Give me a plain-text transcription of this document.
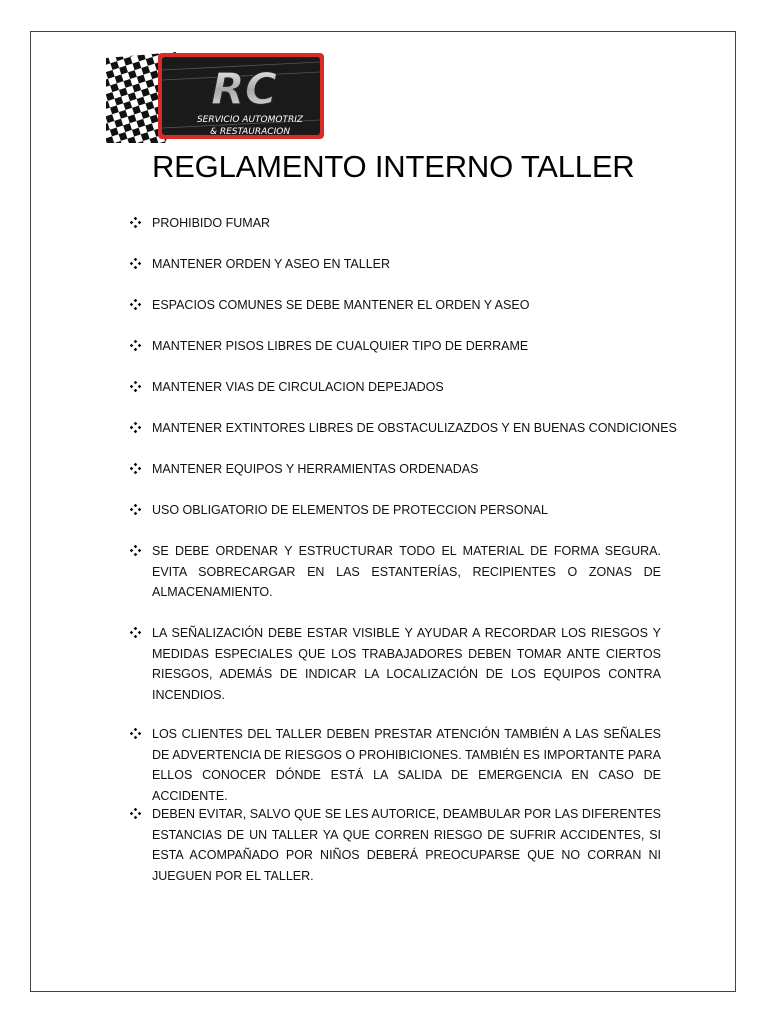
RC
SERVICIO AUTOMOTRIZ
& RESTAURACION
REGLAMENTO INTERNO TALLER
PROHIBIDO FUMAR
MANTENER ORDEN Y ASEO EN TALLER
ESPACIOS COMUNES SE DEBE MANTENER EL ORDEN Y ASEO
MANTENER PISOS LIBRES DE CUALQUIER TIPO DE DERRAME
MANTENER VIAS DE CIRCULACION DEPEJADOS
MANTENER EXTINTORES LIBRES DE OBSTACULIZAZDOS Y EN BUENAS CONDICIONES
MANTENER EQUIPOS Y HERRAMIENTAS ORDENADAS
USO OBLIGATORIO DE ELEMENTOS DE PROTECCION PERSONAL
SE DEBE ORDENAR Y ESTRUCTURAR TODO EL MATERIAL DE FORMA SEGURA. EVITA SOBRECARGAR EN LAS ESTANTERÍAS, RECIPIENTES O ZONAS DE ALMACENAMIENTO.
LA SEÑALIZACIÓN DEBE ESTAR VISIBLE Y AYUDAR A RECORDAR LOS RIESGOS Y MEDIDAS ESPECIALES QUE LOS TRABAJADORES DEBEN TOMAR ANTE CIERTOS RIESGOS, ADEMÁS DE INDICAR LA LOCALIZACIÓN DE LOS EQUIPOS CONTRA INCENDIOS.
LOS CLIENTES DEL TALLER DEBEN PRESTAR ATENCIÓN TAMBIÉN A LAS SEÑALES DE ADVERTENCIA DE RIESGOS O PROHIBICIONES. TAMBIÉN ES IMPORTANTE PARA ELLOS CONOCER DÓNDE ESTÁ LA SALIDA DE EMERGENCIA EN CASO DE ACCIDENTE.
DEBEN EVITAR, SALVO QUE SE LES AUTORICE, DEAMBULAR POR LAS DIFERENTES ESTANCIAS DE UN TALLER YA QUE CORREN RIESGO DE SUFRIR ACCIDENTES, SI ESTA ACOMPAÑADO POR NIÑOS DEBERÁ PREOCUPARSE QUE NO CORRAN NI JUEGUEN POR EL TALLER.
